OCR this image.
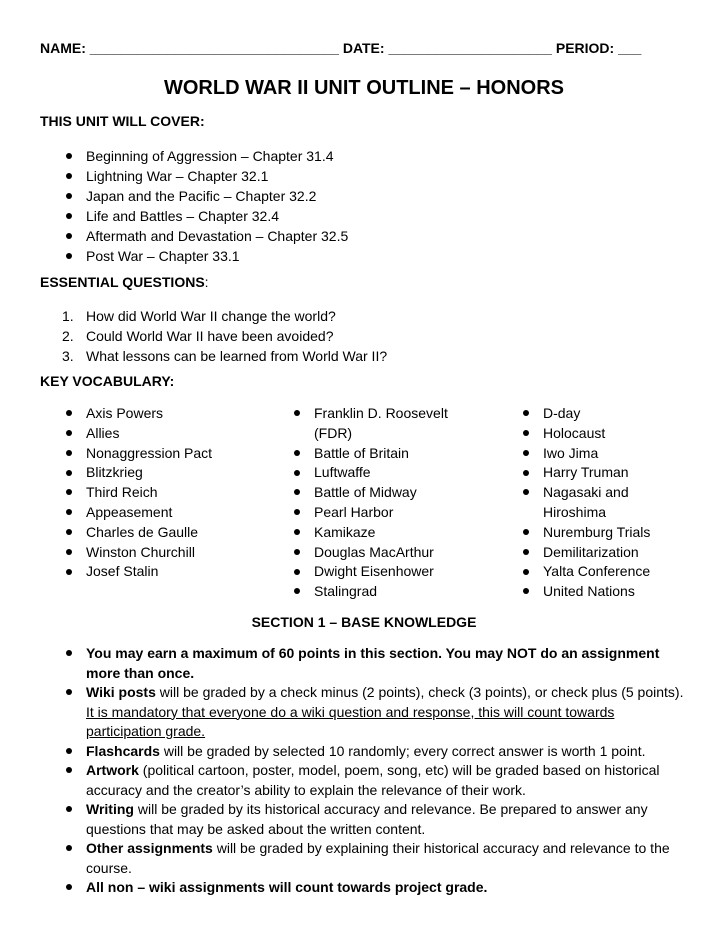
NAME: ________________________________ DATE: _____________________ PERIOD: ___
WORLD WAR II UNIT OUTLINE – HONORS
THIS UNIT WILL COVER:
Beginning of Aggression – Chapter 31.4
Lightning War – Chapter 32.1
Japan and the Pacific – Chapter 32.2
Life and Battles – Chapter 32.4
Aftermath and Devastation – Chapter 32.5
Post War – Chapter 33.1
ESSENTIAL QUESTIONS:
1. How did World War II change the world?
2. Could World War II have been avoided?
3. What lessons can be learned from World War II?
KEY VOCABULARY:
Axis Powers
Allies
Nonaggression Pact
Blitzkrieg
Third Reich
Appeasement
Charles de Gaulle
Winston Churchill
Josef Stalin
Franklin D. Roosevelt (FDR)
Battle of Britain
Luftwaffe
Battle of Midway
Pearl Harbor
Kamikaze
Douglas MacArthur
Dwight Eisenhower
Stalingrad
D-day
Holocaust
Iwo Jima
Harry Truman
Nagasaki and Hiroshima
Nuremburg Trials
Demilitarization
Yalta Conference
United Nations
SECTION 1 – BASE KNOWLEDGE
You may earn a maximum of 60 points in this section. You may NOT do an assignment more than once.
Wiki posts will be graded by a check minus (2 points), check (3 points), or check plus (5 points). It is mandatory that everyone do a wiki question and response, this will count towards participation grade.
Flashcards will be graded by selected 10 randomly; every correct answer is worth 1 point.
Artwork (political cartoon, poster, model, poem, song, etc) will be graded based on historical accuracy and the creator’s ability to explain the relevance of their work.
Writing will be graded by its historical accuracy and relevance. Be prepared to answer any questions that may be asked about the written content.
Other assignments will be graded by explaining their historical accuracy and relevance to the course.
All non – wiki assignments will count towards project grade.
